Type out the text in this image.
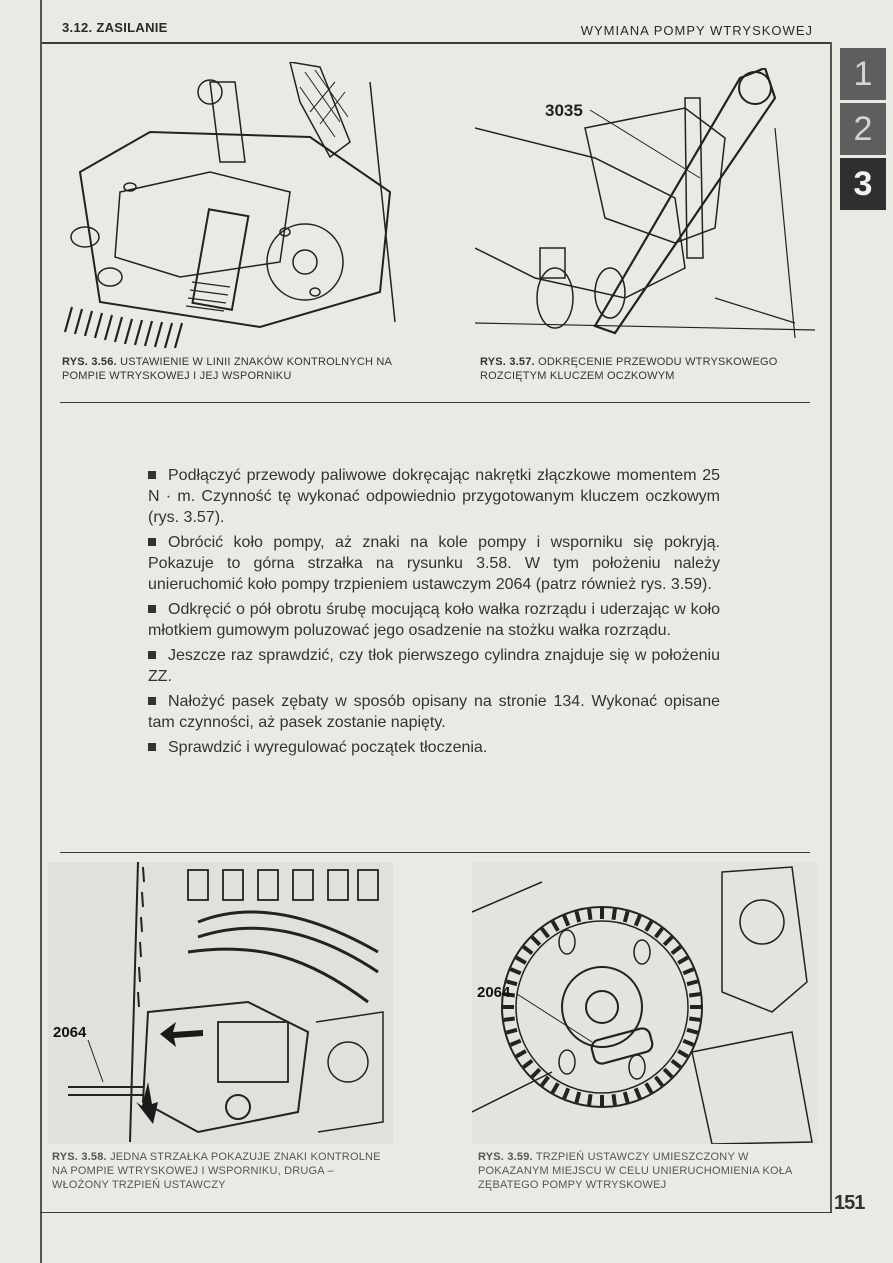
3.12. ZASILANIE	WYMIANA POMPY WTRYSKOWEJ
RYS. 3.56. USTAWIENIE W LINII ZNAKÓW KONTROLNYCH NA POMPIE WTRYSKOWEJ I JEJ WSPORNIKU
3035
RYS. 3.57. ODKRĘCENIE PRZEWODU WTRYSKOWEGO ROZCIĘTYM KLUCZEM OCZKOWYM

Podłączyć przewody paliwowe dokręcając nakrętki złączkowe momentem 25 N · m. Czynność tę wykonać odpowiednio przygotowanym kluczem oczkowym (rys. 3.57).

Obrócić koło pompy, aż znaki na kole pompy i wsporniku się pokryją. Pokazuje to górna strzałka na rysunku 3.58. W tym położeniu należy unieruchomić koło pompy trzpieniem ustawczym 2064 (patrz również rys. 3.59).

Odkręcić o pół obrotu śrubę mocującą koło wałka rozrządu i uderzając w koło młotkiem gumowym poluzować jego osadzenie na stożku wałka rozrządu.

Jeszcze raz sprawdzić, czy tłok pierwszego cylindra znajduje się w położeniu ZZ.

Nałożyć pasek zębaty w sposób opisany na stronie 134. Wykonać opisane tam czynności, aż pasek zostanie napięty.

Sprawdzić i wyregulować początek tłoczenia.

2064
RYS. 3.58. JEDNA STRZAŁKA POKAZUJE ZNAKI KONTROLNE NA POMPIE WTRYSKOWEJ I WSPORNIKU, DRUGA – WŁOŻONY TRZPIEŃ USTAWCZY
2064
RYS. 3.59. TRZPIEŃ USTAWCZY UMIESZCZONY W POKAZANYM MIEJSCU W CELU UNIERUCHOMIENIA KOŁA ZĘBATEGO POMPY WTRYSKOWEJ
1
2
3
151
